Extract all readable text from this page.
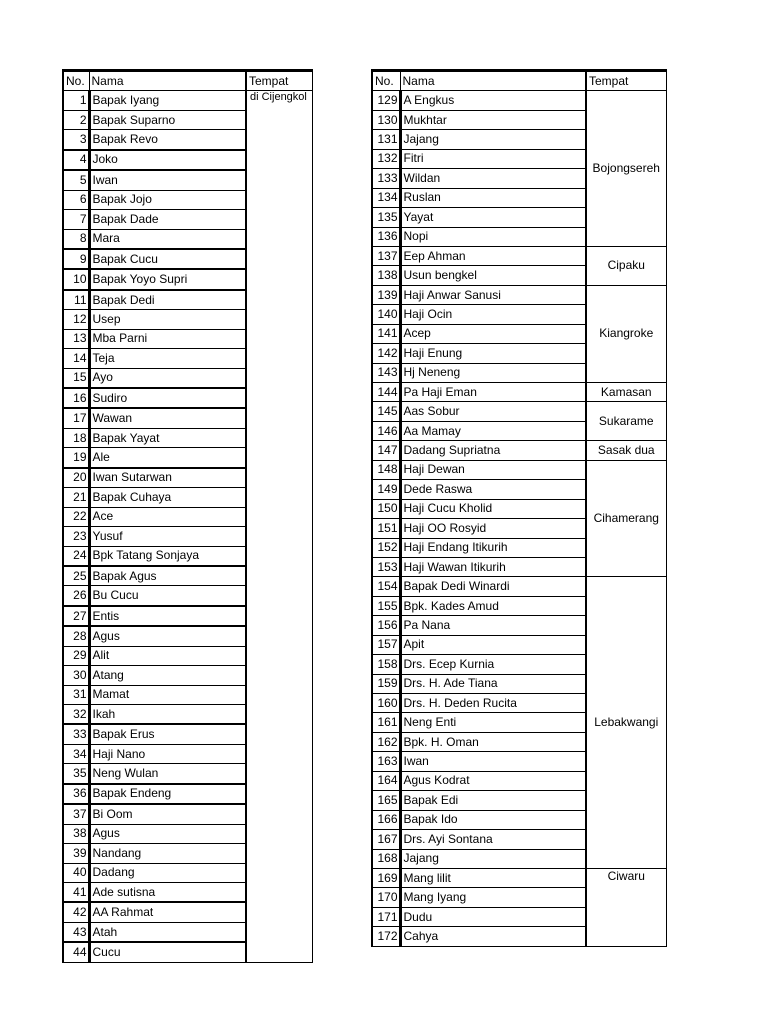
No.	Nama	Tempat
1	Bapak Iyang	di Cijengkol
2	Bapak Suparno	
3	Bapak Revo	
4	Joko	
5	Iwan	
6	Bapak Jojo	
7	Bapak Dade	
8	Mara	
9	Bapak Cucu	
10	Bapak Yoyo Supri	
11	Bapak Dedi	
12	Usep	
13	Mba Parni	
14	Teja	
15	Ayo	
16	Sudiro	
17	Wawan	
18	Bapak Yayat	
19	Ale	
20	Iwan Sutarwan	
21	Bapak Cuhaya	
22	Ace	
23	Yusuf	
24	Bpk Tatang Sonjaya	
25	Bapak Agus	
26	Bu Cucu	
27	Entis	
28	Agus	
29	Alit	
30	Atang	
31	Mamat	
32	Ikah	
33	Bapak Erus	
34	Haji Nano	
35	Neng Wulan	
36	Bapak Endeng	
37	Bi Oom	
38	Agus	
39	Nandang	
40	Dadang	
41	Ade sutisna	
42	AA Rahmat	
43	Atah	
44	Cucu	
No.	Nama	Tempat
129	A Engkus	Bojongsereh
130	Mukhtar	
131	Jajang	
132	Fitri	
133	Wildan	
134	Ruslan	
135	Yayat	
136	Nopi	
137	Eep Ahman	Cipaku
138	Usun bengkel	
139	Haji Anwar Sanusi	Kiangroke
140	Haji Ocin	
141	Acep	
142	Haji Enung	
143	Hj Neneng	
144	Pa Haji Eman	Kamasan
145	Aas Sobur	Sukarame
146	Aa Mamay	
147	Dadang Supriatna	Sasak dua
148	Haji Dewan	Cihamerang
149	Dede Raswa	
150	Haji Cucu Kholid	
151	Haji OO Rosyid	
152	Haji Endang Itikurih	
153	Haji Wawan Itikurih	
154	Bapak Dedi Winardi	Lebakwangi
155	Bpk. Kades Amud	
156	Pa Nana	
157	Apit	
158	Drs. Ecep Kurnia	
159	Drs. H. Ade Tiana	
160	Drs. H. Deden Rucita	
161	Neng Enti	
162	Bpk. H. Oman	
163	Iwan	
164	Agus Kodrat	
165	Bapak Edi	
166	Bapak Ido	
167	Drs. Ayi Sontana	
168	Jajang	
169	Mang lilit	Ciwaru
170	Mang Iyang	
171	Dudu	
172	Cahya	
